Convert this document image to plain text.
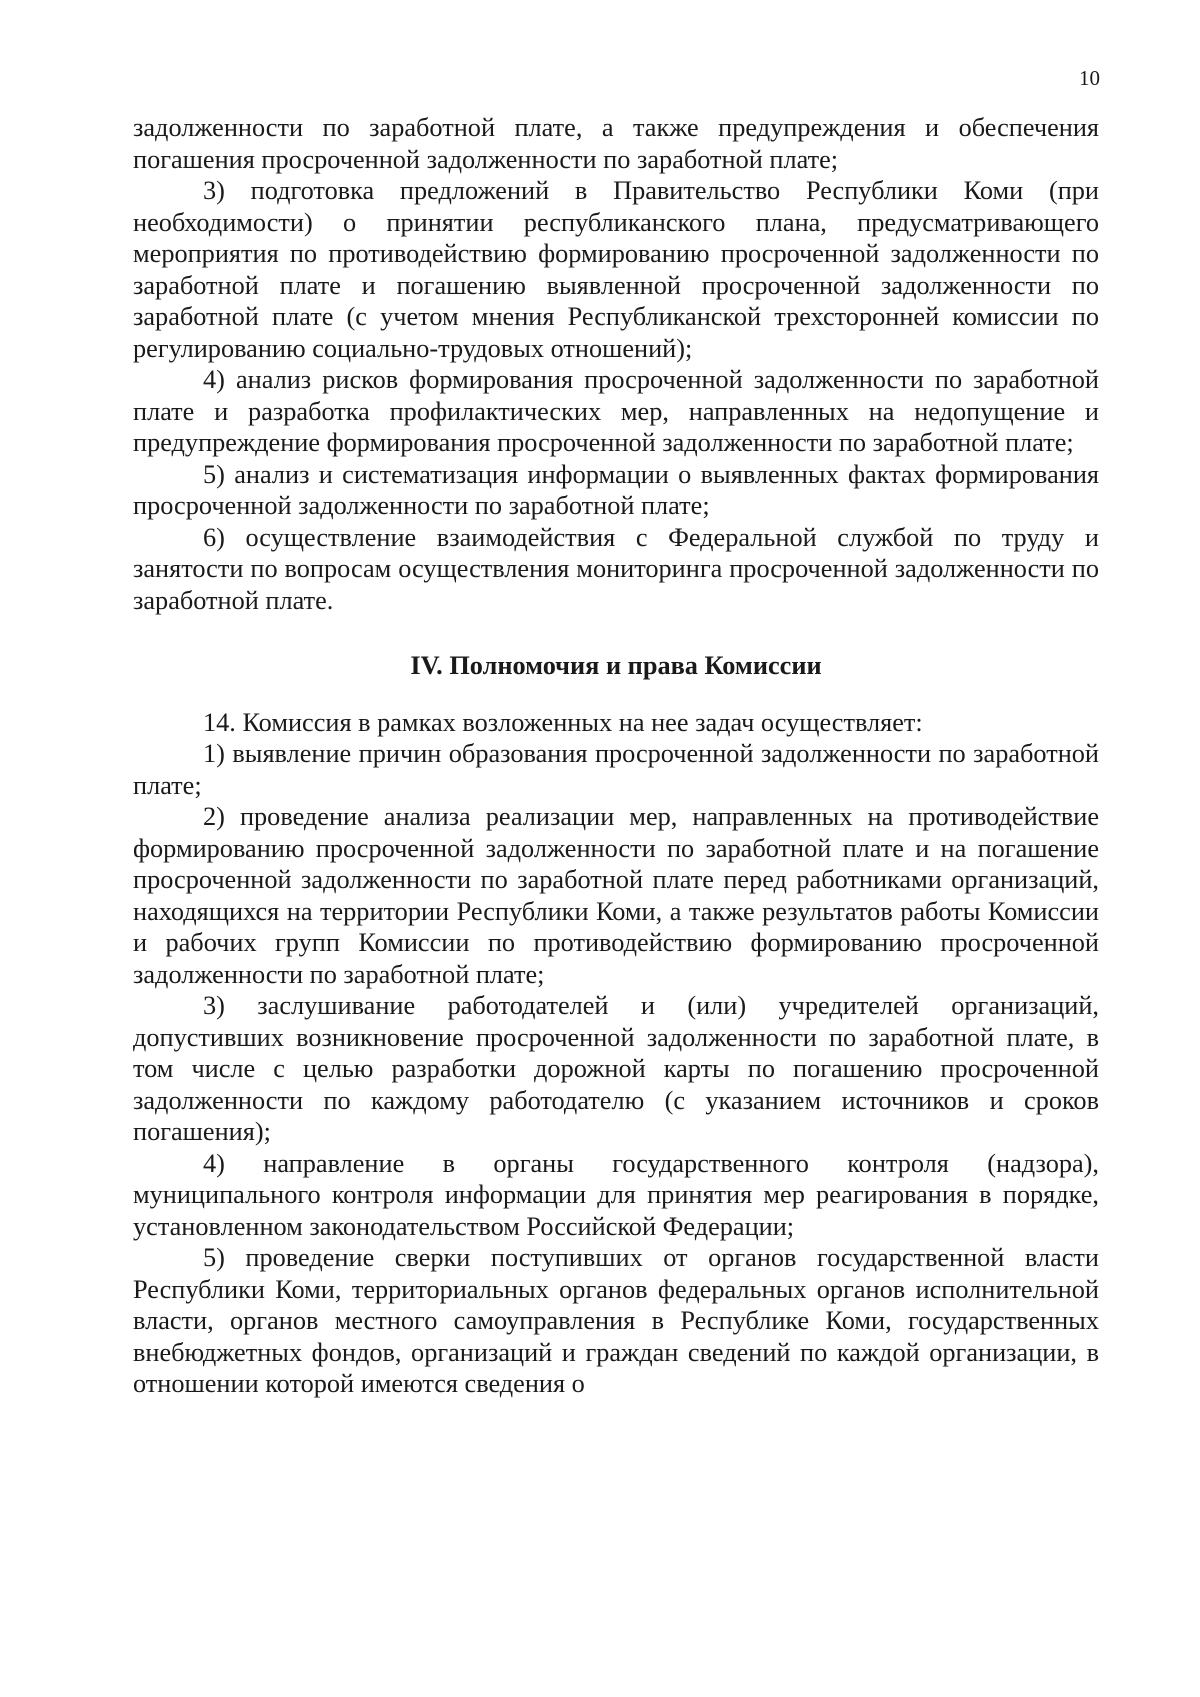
10

задолженности по заработной плате, а также предупреждения и обеспечения погашения просроченной задолженности по заработной плате;

3) подготовка предложений в Правительство Республики Коми (при необходимости) о принятии республиканского плана, предусматривающего мероприятия по противодействию формированию просроченной задолженности по заработной плате и погашению выявленной просроченной задолженности по заработной плате (с учетом мнения Республиканской трехсторонней комиссии по регулированию социально-трудовых отношений);

4) анализ рисков формирования просроченной задолженности по заработной плате и разработка профилактических мер, направленных на недопущение и предупреждение формирования просроченной задолженности по заработной плате;

5) анализ и систематизация информации о выявленных фактах формирования просроченной задолженности по заработной плате;

6) осуществление взаимодействия с Федеральной службой по труду и занятости по вопросам осуществления мониторинга просроченной задолженности по заработной плате.

IV. Полномочия и права Комиссии

14. Комиссия в рамках возложенных на нее задач осуществляет:

1) выявление причин образования просроченной задолженности по заработной плате;

2) проведение анализа реализации мер, направленных на противодействие формированию просроченной задолженности по заработной плате и на погашение просроченной задолженности по заработной плате перед работниками организаций, находящихся на территории Республики Коми, а также результатов работы Комиссии и рабочих групп Комиссии по противодействию формированию просроченной задолженности по заработной плате;

3) заслушивание работодателей и (или) учредителей организаций, допустивших возникновение просроченной задолженности по заработной плате, в том числе с целью разработки дорожной карты по погашению просроченной задолженности по каждому работодателю (с указанием источников и сроков погашения);

4) направление в органы государственного контроля (надзора), муниципального контроля информации для принятия мер реагирования в порядке, установленном законодательством Российской Федерации;

5) проведение сверки поступивших от органов государственной власти Республики Коми, территориальных органов федеральных органов исполнительной власти, органов местного самоуправления в Республике Коми, государственных внебюджетных фондов, организаций и граждан сведений по каждой организации, в отношении которой имеются сведения о
